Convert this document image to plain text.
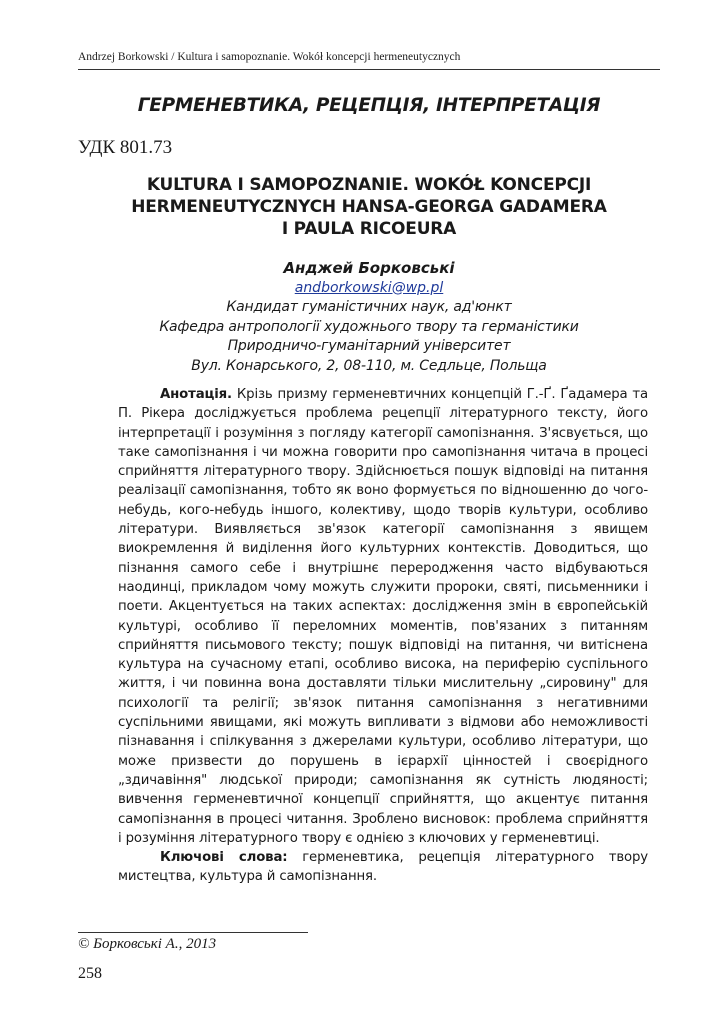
Andrzej Borkowski / Kultura i samopoznanie. Wokół koncepcji hermeneutycznych
ГЕРМЕНЕВТИКА, РЕЦЕПЦІЯ, ІНТЕРПРЕТАЦІЯ
УДК 801.73
KULTURA I SAMOPOZNANIE. WOKÓŁ KONCEPCJI
HERMENEUTYCZNYCH HANSA-GEORGA GADAMERA
I PAULA RICOEURA
Анджей Борковські
andborkowski@wp.pl
Кандидат гуманістичних наук, ад'юнкт
Кафедра антропології художнього твору та германістики
Природничо-гуманітарний університет
Вул. Конарського, 2, 08-110, м. Седльце, Польща

Анотація. Крізь призму герменевтичних концепцій Г.-Ґ. Ґадамера та П. Рікера досліджується проблема рецепції літературного тексту, його інтерпретації і розуміння з погляду категорії самопізнання. З'ясвується, що таке самопізнання і чи можна говорити про самопізнання читача в процесі сприйняття літературного твору. Здійснюється пошук відповіді на питання реалізації самопізнання, тобто як воно формується по відношенню до чого-небудь, кого-небудь іншого, колективу, щодо творів культури, особливо літератури. Виявляється зв'язок категорії самопізнання з явищем виокремлення й виділення його культурних контекстів. Доводиться, що пізнання самого себе і внутрішнє переродження часто відбуваються наодинці, прикладом чому можуть служити пророки, святі, письменники і поети. Акцентується на таких аспектах: дослідження змін в європейській культурі, особливо її переломних моментів, пов'язаних з питанням сприйняття письмового тексту; пошук відповіді на питання, чи витіснена культура на сучасному етапі, особливо висока, на периферію суспільного життя, і чи повинна вона доставляти тільки мислительну „сировину" для психології та релігії; зв'язок питання самопізнання з негативними суспільними явищами, які можуть випливати з відмови або неможливості пізнавання і спілкування з джерелами культури, особливо літератури, що може призвести до порушень в ієрархії цінностей і своєрідного „здичавіння" людської природи; самопізнання як сутність людяності; вивчення герменевтичної концепції сприйняття, що акцентує питання самопізнання в процесі читання. Зроблено висновок: проблема сприйняття і розуміння літературного твору є однією з ключових у герменевтиці.

Ключові слова: герменевтика, рецепція літературного твору мистецтва, культура й самопізнання.

© Борковські А., 2013
258
